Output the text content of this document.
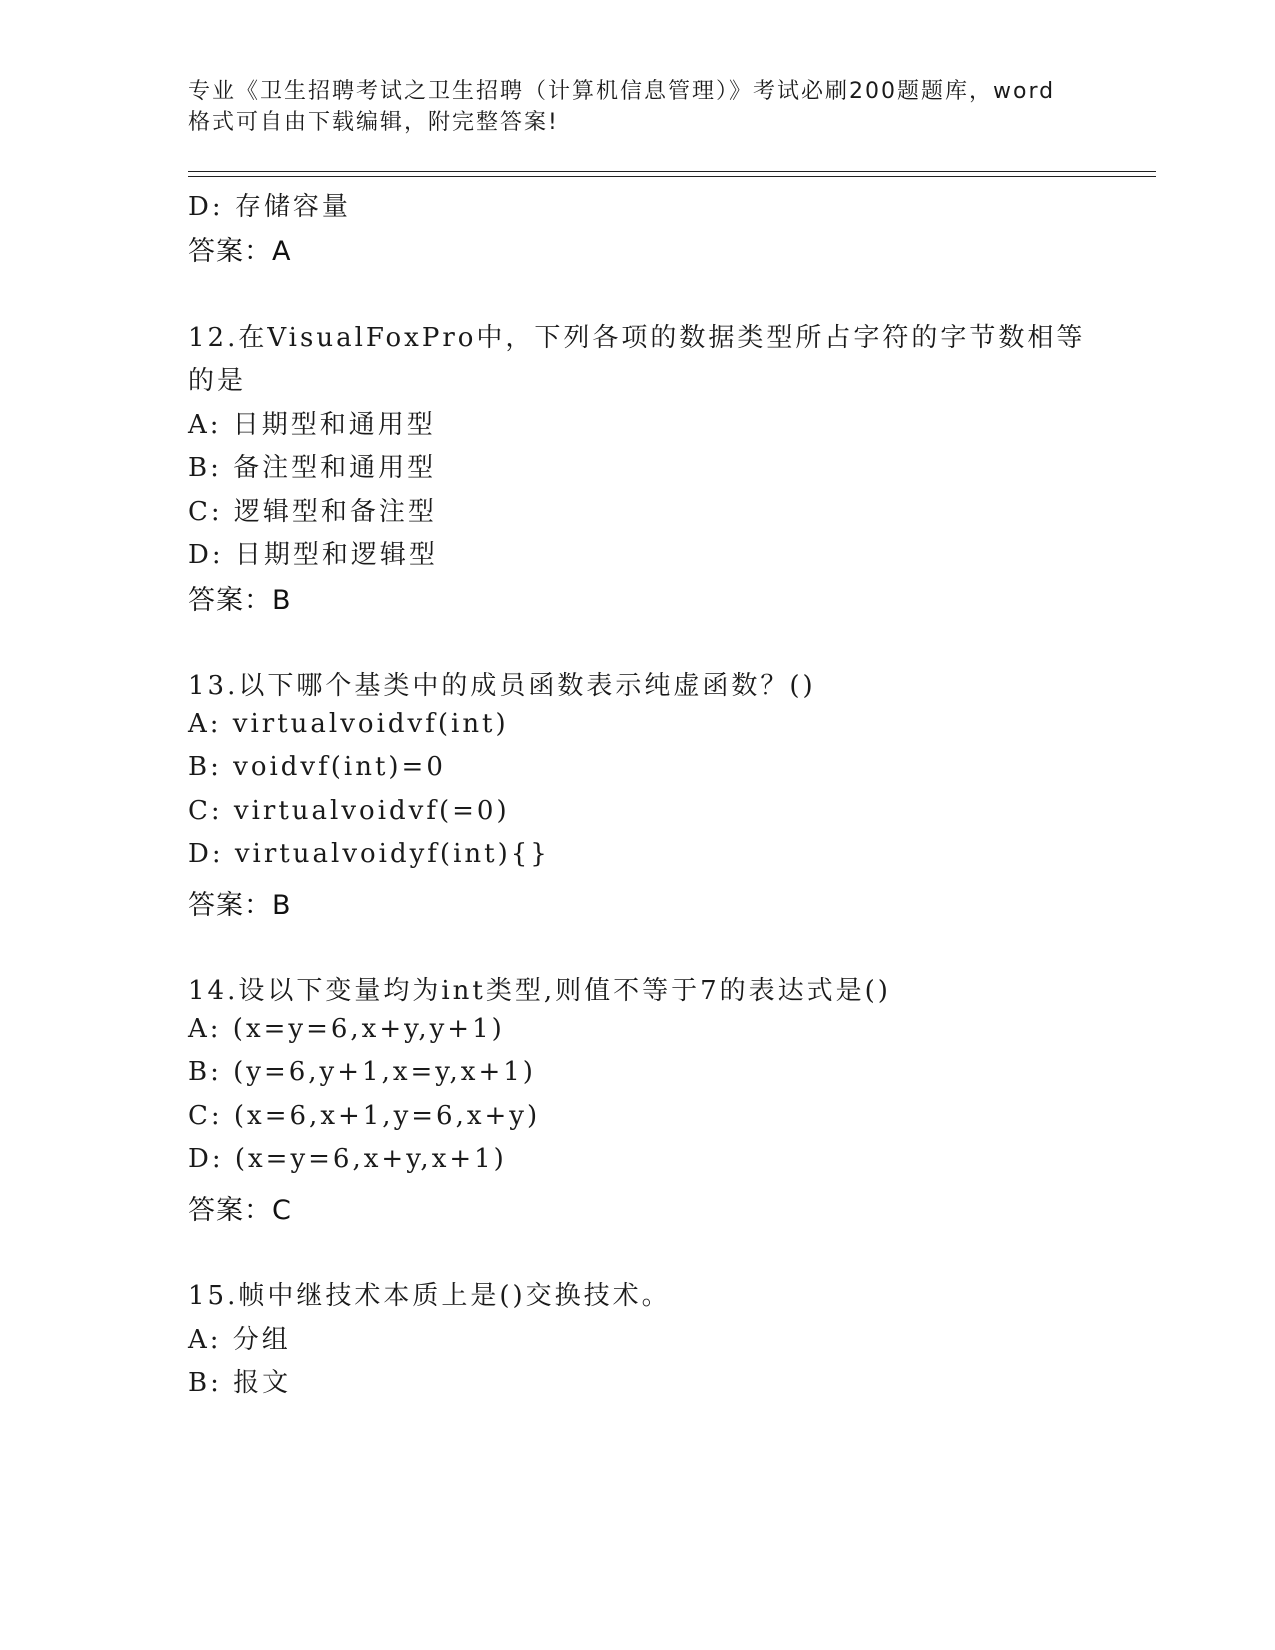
专业《卫生招聘考试之卫生招聘（计算机信息管理）》考试必刷200题题库，word
格式可自由下载编辑，附完整答案!
D: 存储容量
答案：A
12.在VisualFoxPro中，下列各项的数据类型所占字符的字节数相等
的是
A: 日期型和通用型
B: 备注型和通用型
C: 逻辑型和备注型
D: 日期型和逻辑型
答案：B
13.以下哪个基类中的成员函数表示纯虚函数？()
A: virtualvoidvf(int)
B: voidvf(int)=0
C: virtualvoidvf(=0)
D: virtualvoidyf(int){}
答案：B
14.设以下变量均为int类型,则值不等于7的表达式是()
A: (x=y=6,x+y,y+1)
B: (y=6,y+1,x=y,x+1)
C: (x=6,x+1,y=6,x+y)
D: (x=y=6,x+y,x+1)
答案：C
15.帧中继技术本质上是()交换技术。
A: 分组
B: 报文
